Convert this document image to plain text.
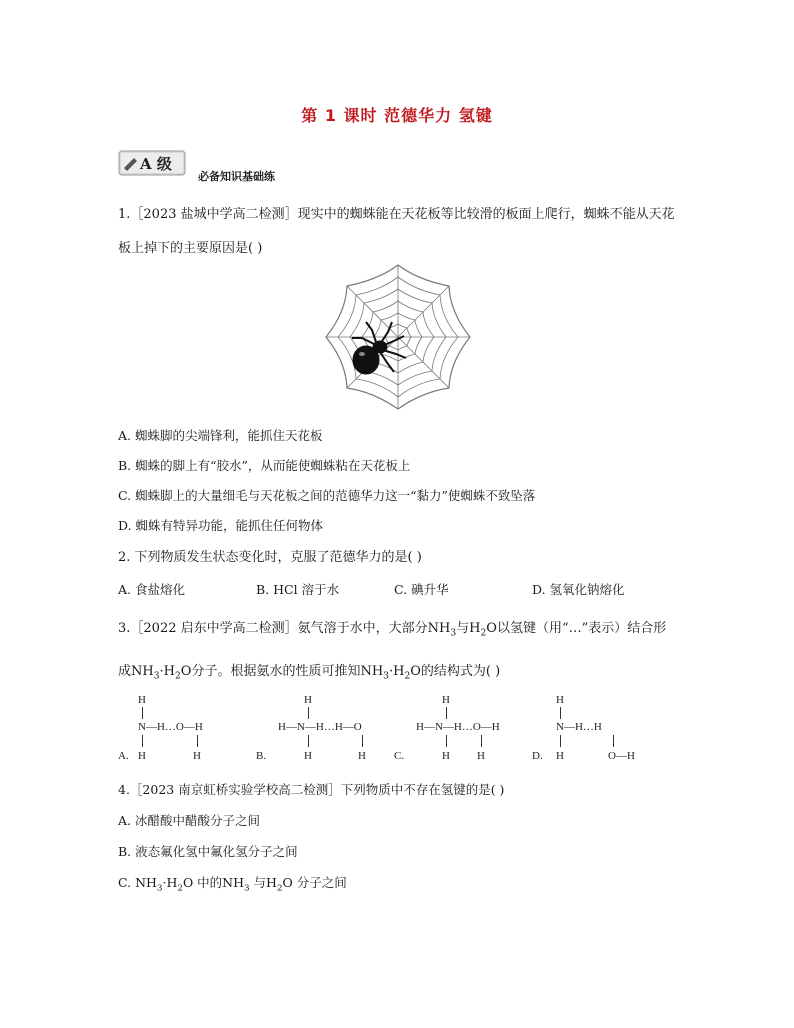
第 1 课时 范德华力 氢键
A 级
必备知识基础练
1.［2023 盐城中学高二检测］现实中的蜘蛛能在天花板等比较滑的板面上爬行，蜘蛛不能从天花
板上掉下的主要原因是( )
A. 蜘蛛脚的尖端锋利，能抓住天花板
B. 蜘蛛的脚上有“胶水”，从而能使蜘蛛粘在天花板上
C. 蜘蛛脚上的大量细毛与天花板之间的范德华力这一“黏力”使蜘蛛不致坠落
D. 蜘蛛有特异功能，能抓住任何物体
2. 下列物质发生状态变化时，克服了范德华力的是( )
A. 食盐熔化	B. HCl 溶于水	C. 碘升华	D. 氢氧化钠熔化
3.［2022 启东中学高二检测］氨气溶于水中，大部分$NH_3$与$H_2O$以氢键（用“…”表示）结合形
成$NH_3\cdot H_2O$分子。根据氨水的性质可推知$NH_3\cdot H_2O$的结构式为( )
H
N—H…O—H
A. H	H
H
H—N—H…H—O
B.	H	H
H
H—N—H…O—H
C.	H H
H
N—H…H
D. H	O—H
4.［2023 南京虹桥实验学校高二检测］下列物质中不存在氢键的是( )
A. 冰醋酸中醋酸分子之间
B. 液态氟化氢中氟化氢分子之间
C. $NH_3\cdot H_2O$ 中的$NH_3$ 与$H_2O$ 分子之间
